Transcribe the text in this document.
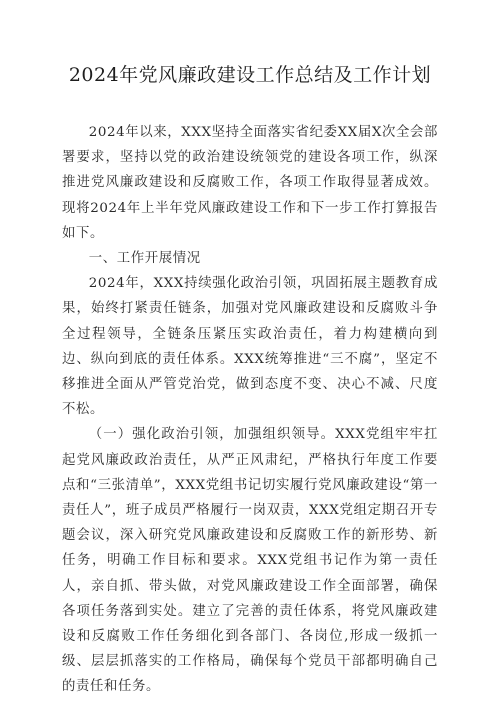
2024年党风廉政建设工作总结及工作计划

2024年以来，XXX坚持全面落实省纪委XX届X次全会部署要求，坚持以党的政治建设统领党的建设各项工作，纵深推进党风廉政建设和反腐败工作，各项工作取得显著成效。现将2024年上半年党风廉政建设工作和下一步工作打算报告如下。

一、工作开展情况

2024年，XXX持续强化政治引领，巩固拓展主题教育成果，始终打紧责任链条，加强对党风廉政建设和反腐败斗争全过程领导，全链条压紧压实政治责任，着力构建横向到边、纵向到底的责任体系。XXX统筹推进“三不腐”，坚定不移推进全面从严管党治党，做到态度不变、决心不减、尺度不松。

（一）强化政治引领，加强组织领导。XXX党组牢牢扛起党风廉政政治责任，从严正风肃纪，严格执行年度工作要点和“三张清单”，XXX党组书记切实履行党风廉政建设“第一责任人”，班子成员严格履行一岗双责，XXX党组定期召开专题会议，深入研究党风廉政建设和反腐败工作的新形势、新任务，明确工作目标和要求。XXX党组书记作为第一责任人，亲自抓、带头做，对党风廉政建设工作全面部署，确保各项任务落到实处。建立了完善的责任体系，将党风廉政建设和反腐败工作任务细化到各部门、各岗位,形成一级抓一级、层层抓落实的工作格局，确保每个党员干部都明确自己的责任和任务。
